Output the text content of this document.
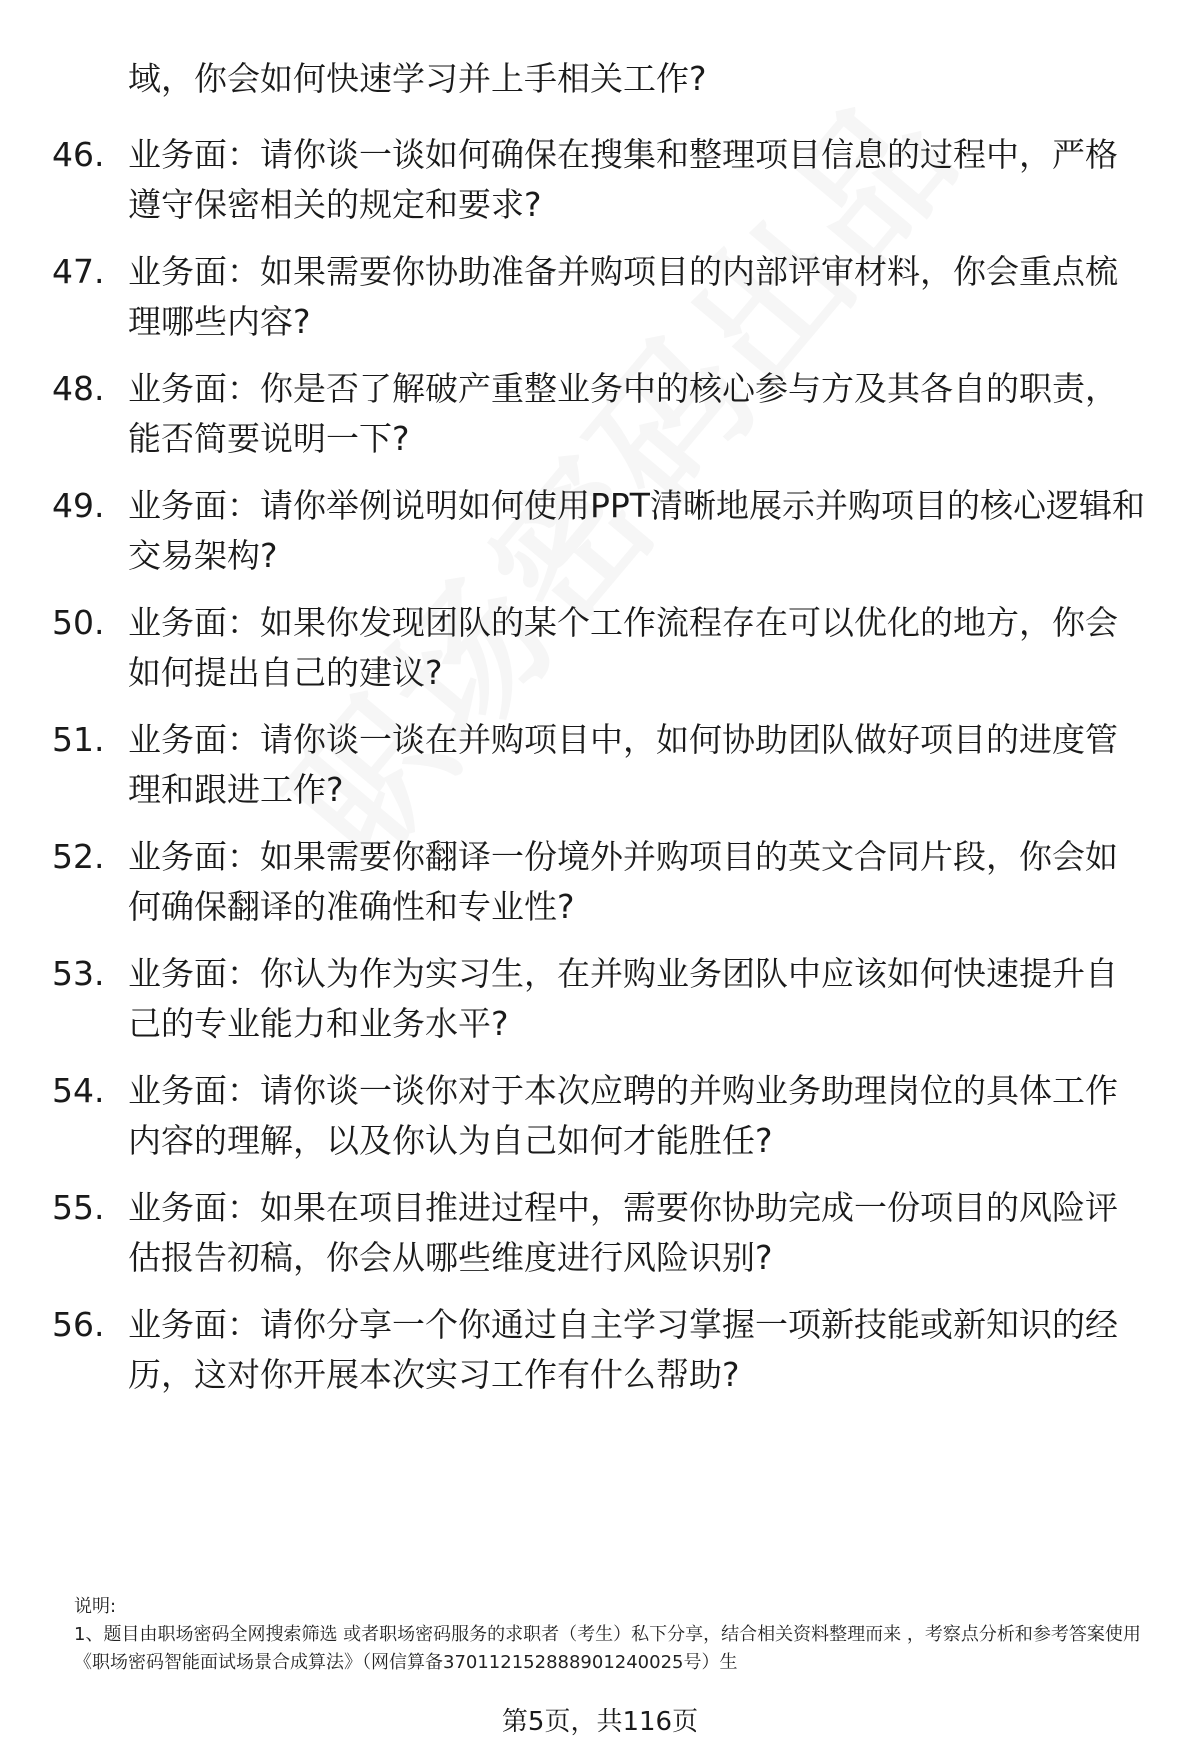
域，你会如何快速学习并上手相关工作?
46. 业务面：请你谈一谈如何确保在搜集和整理项目信息的过程中，严格遵守保密相关的规定和要求?
47. 业务面：如果需要你协助准备并购项目的内部评审材料，你会重点梳理哪些内容?
48. 业务面：你是否了解破产重整业务中的核心参与方及其各自的职责，能否简要说明一下?
49. 业务面：请你举例说明如何使用PPT清晰地展示并购项目的核心逻辑和交易架构?
50. 业务面：如果你发现团队的某个工作流程存在可以优化的地方，你会如何提出自己的建议?
51. 业务面：请你谈一谈在并购项目中，如何协助团队做好项目的进度管理和跟进工作?
52. 业务面：如果需要你翻译一份境外并购项目的英文合同片段，你会如何确保翻译的准确性和专业性?
53. 业务面：你认为作为实习生，在并购业务团队中应该如何快速提升自己的专业能力和业务水平?
54. 业务面：请你谈一谈你对于本次应聘的并购业务助理岗位的具体工作内容的理解，以及你认为自己如何才能胜任?
55. 业务面：如果在项目推进过程中，需要你协助完成一份项目的风险评估报告初稿，你会从哪些维度进行风险识别?
56. 业务面：请你分享一个你通过自主学习掌握一项新技能或新知识的经历，这对你开展本次实习工作有什么帮助?
说明:
1、题目由职场密码全网搜索筛选 或者职场密码服务的求职者（考生）私下分享，结合相关资料整理而来 ，考察点分析和参考答案使用《职场密码智能面试场景合成算法》（网信算备370112152888901240025号）生
第5页，共116页
